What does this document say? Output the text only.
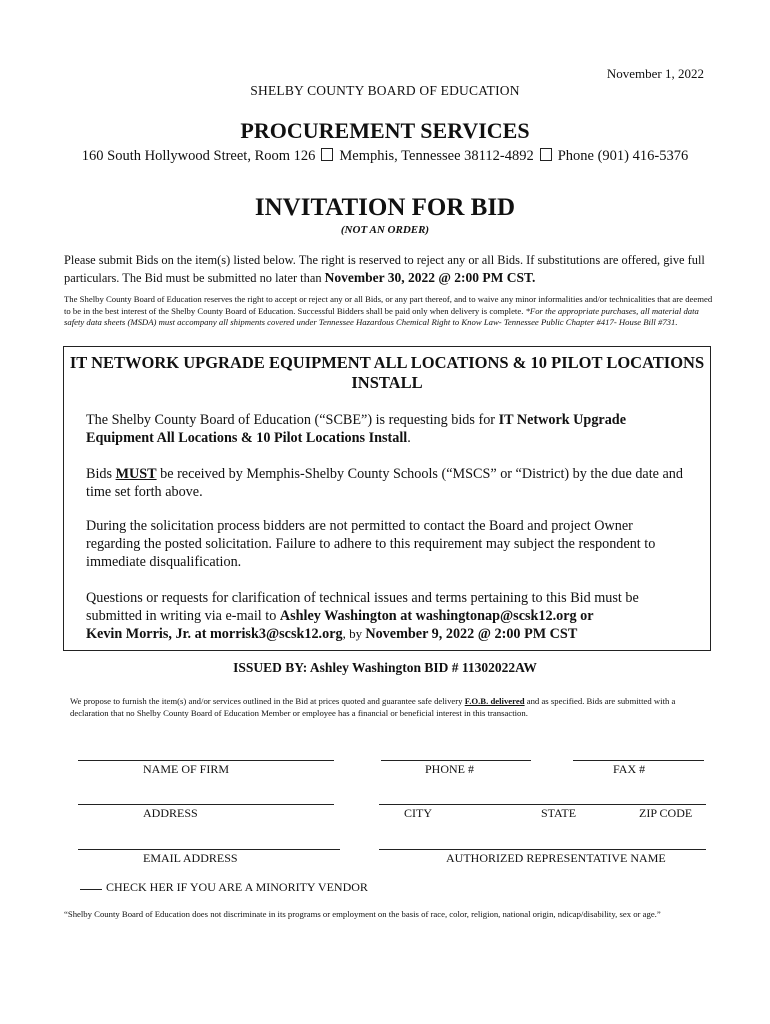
November 1, 2022
SHELBY COUNTY BOARD OF EDUCATION
PROCUREMENT SERVICES
160 South Hollywood Street, Room 126 Memphis, Tennessee 38112-4892 Phone (901) 416-5376
INVITATION FOR BID
(NOT AN ORDER)
Please submit Bids on the item(s) listed below. The right is reserved to reject any or all Bids. If substitutions are offered, give full particulars. The Bid must be submitted no later than November 30, 2022 @ 2:00 PM CST.
The Shelby County Board of Education reserves the right to accept or reject any or all Bids, or any part thereof, and to waive any minor informalities and/or technicalities that are deemed to be in the best interest of the Shelby County Board of Education. Successful Bidders shall be paid only when delivery is complete. *For the appropriate purchases, all material data safety data sheets (MSDA) must accompany all shipments covered under Tennessee Hazardous Chemical Right to Know Law- Tennessee Public Chapter #417- House Bill #731.
IT NETWORK UPGRADE EQUIPMENT ALL LOCATIONS & 10 PILOT LOCATIONS INSTALL
The Shelby County Board of Education (“SCBE”) is requesting bids for IT Network Upgrade Equipment All Locations & 10 Pilot Locations Install.
Bids MUST be received by Memphis-Shelby County Schools (“MSCS” or “District) by the due date and time set forth above.
During the solicitation process bidders are not permitted to contact the Board and project Owner regarding the posted solicitation. Failure to adhere to this requirement may subject the respondent to immediate disqualification.
Questions or requests for clarification of technical issues and terms pertaining to this Bid must be submitted in writing via e-mail to Ashley Washington at washingtonap@scsk12.org or
Kevin Morris, Jr. at morrisk3@scsk12.org, by November 9, 2022 @ 2:00 PM CST
ISSUED BY: Ashley Washington BID # 11302022AW
We propose to furnish the item(s) and/or services outlined in the Bid at prices quoted and guarantee safe delivery F.O.B. delivered and as specified. Bids are submitted with a declaration that no Shelby County Board of Education Member or employee has a financial or beneficial interest in this transaction.
NAME OF FIRM	PHONE #	FAX #
ADDRESS	CITY	STATE	ZIP CODE
EMAIL ADDRESS	AUTHORIZED REPRESENTATIVE NAME
CHECK HER IF YOU ARE A MINORITY VENDOR
“Shelby County Board of Education does not discriminate in its programs or employment on the basis of race, color, religion, national origin, ndicap/disability, sex or age.”
